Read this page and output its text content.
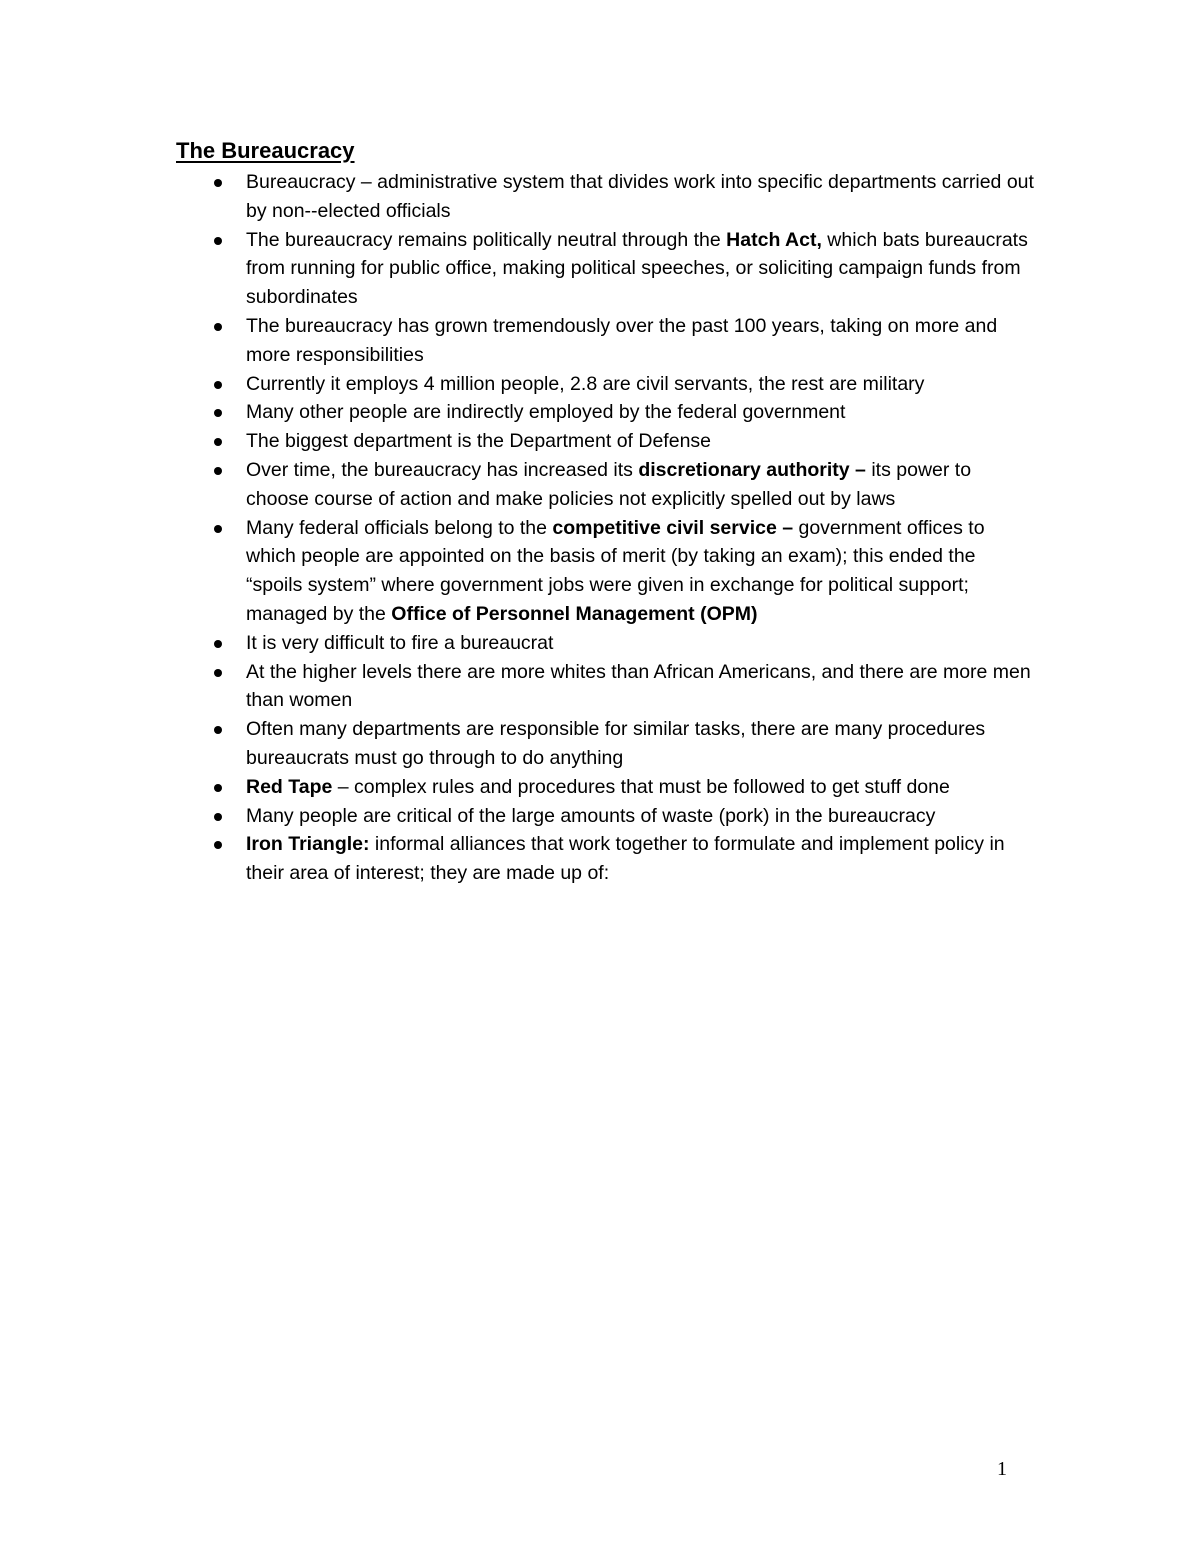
The Bureaucracy
Bureaucracy – administrative system that divides work into specific departments carried out by non--elected officials
The bureaucracy remains politically neutral through the Hatch Act, which bats bureaucrats from running for public office, making political speeches, or soliciting campaign funds from subordinates
The bureaucracy has grown tremendously over the past 100 years, taking on more and more responsibilities
Currently it employs 4 million people, 2.8 are civil servants, the rest are military
Many other people are indirectly employed by the federal government
The biggest department is the Department of Defense
Over time, the bureaucracy has increased its discretionary authority – its power to choose course of action and make policies not explicitly spelled out by laws
Many federal officials belong to the competitive civil service – government offices to which people are appointed on the basis of merit (by taking an exam); this ended the “spoils system” where government jobs were given in exchange for political support; managed by the Office of Personnel Management (OPM)
It is very difficult to fire a bureaucrat
At the higher levels there are more whites than African Americans, and there are more men than women
Often many departments are responsible for similar tasks, there are many procedures bureaucrats must go through to do anything
Red Tape – complex rules and procedures that must be followed to get stuff done
Many people are critical of the large amounts of waste (pork) in the bureaucracy
Iron Triangle: informal alliances that work together to formulate and implement policy in their area of interest; they are made up of:
1
